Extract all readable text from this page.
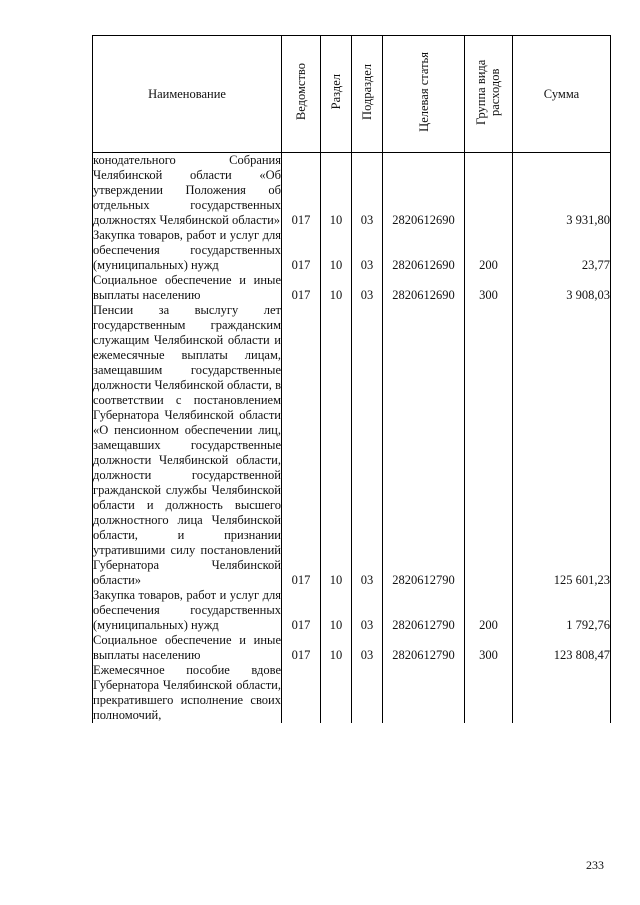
Наименование	Ведомство	Раздел	Подраздел	Целевая статья	Группа вида расходов	Сумма
конодательного Собрания Челябинской области «Об утверждении Положения об отдельных государственных должностях Челябинской области»	017	10	03	2820612690		3 931,80
Закупка товаров, работ и услуг для обеспечения государственных (муниципальных) нужд	017	10	03	2820612690	200	23,77
Социальное обеспечение и иные выплаты населению	017	10	03	2820612690	300	3 908,03
Пенсии за выслугу лет государственным гражданским служащим Челябинской области и ежемесячные выплаты лицам, замещавшим государственные должности Челябинской области, в соответствии с постановлением Губернатора Челябинской области «О пенсионном обеспечении лиц, замещавших государственные должности Челябинской области, должности государственной гражданской службы Челябинской области и должность высшего должностного лица Челябинской области, и признании утратившими силу постановлений Губернатора Челябинской области»	017	10	03	2820612790		125 601,23
Закупка товаров, работ и услуг для обеспечения государственных (муниципальных) нужд	017	10	03	2820612790	200	1 792,76
Социальное обеспечение и иные выплаты населению	017	10	03	2820612790	300	123 808,47
Ежемесячное пособие вдове Губернатора Челябинской области, прекратившего исполнение своих полномочий,						
233
